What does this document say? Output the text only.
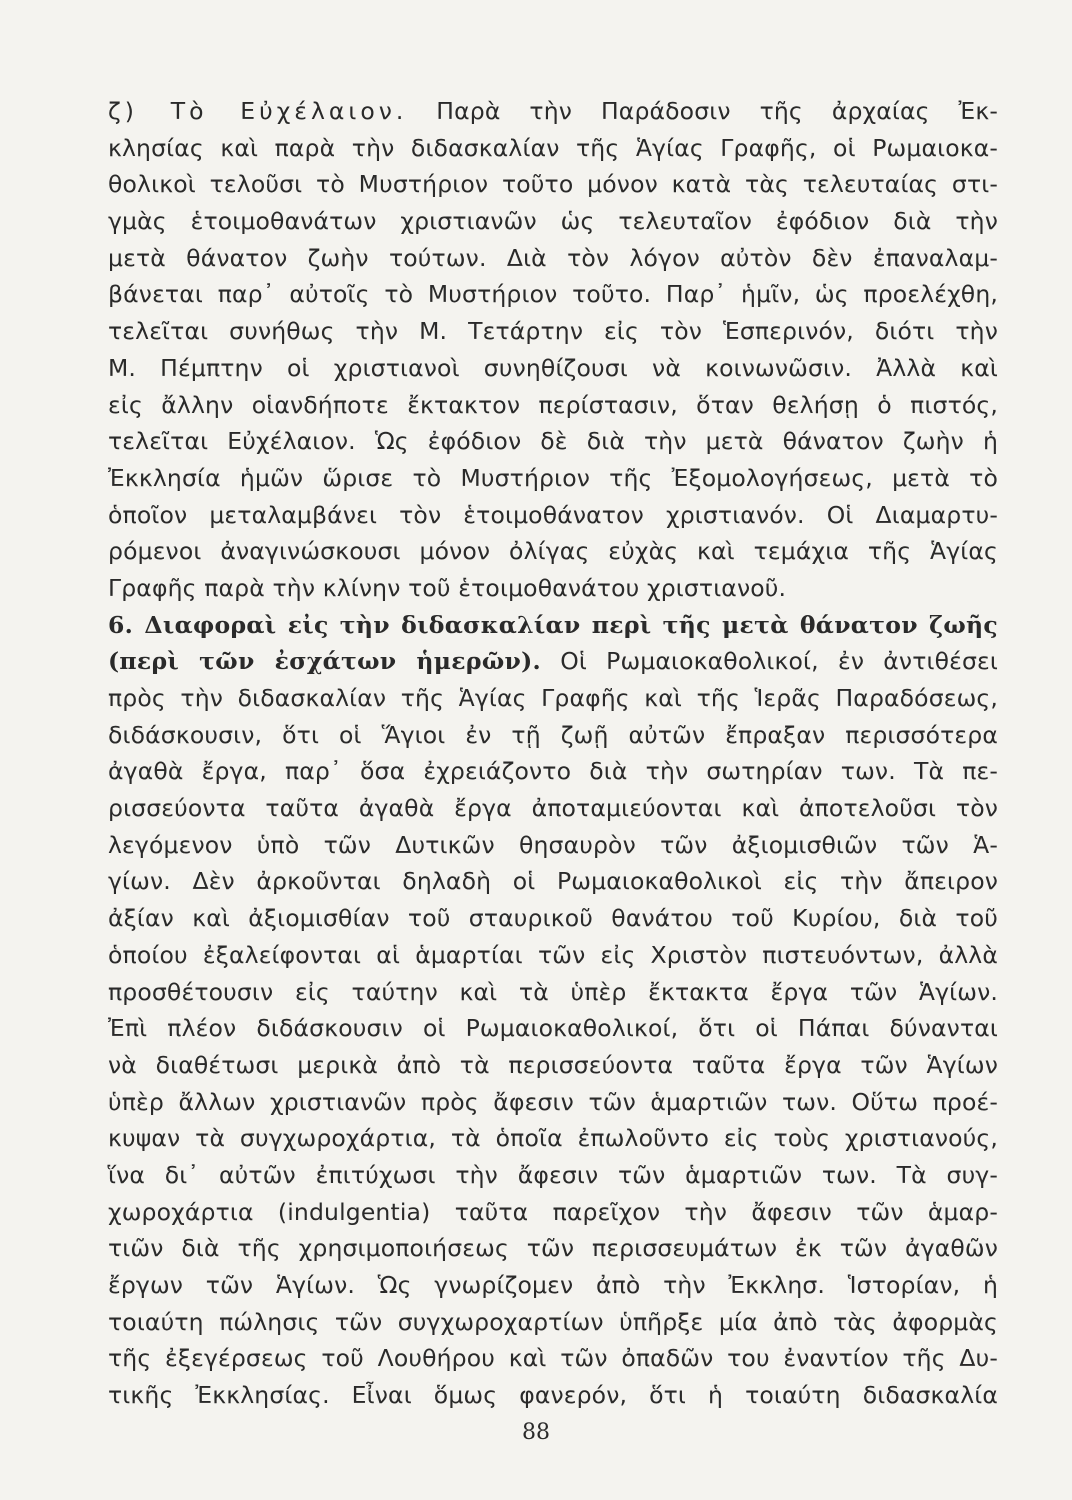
ζ) Τὸ Εὐχέλαιον. Παρὰ τὴν Παράδοσιν τῆς ἀρχαίας Ἐκ-
κλησίας καὶ παρὰ τὴν διδασκαλίαν τῆς Ἁγίας Γραφῆς, οἱ Ρωμαιοκα-
θολικοὶ τελοῦσι τὸ Μυστήριον τοῦτο μόνον κατὰ τὰς τελευταίας στι-
γμὰς ἑτοιμοθανάτων χριστιανῶν ὡς τελευταῖον ἐφόδιον διὰ τὴν
μετὰ θάνατον ζωὴν τούτων. Διὰ τὸν λόγον αὐτὸν δὲν ἐπαναλαμ-
βάνεται παρ᾽ αὐτοῖς τὸ Μυστήριον τοῦτο. Παρ᾽ ἡμῖν, ὡς προελέχθη,
τελεῖται συνήθως τὴν Μ. Τετάρτην εἰς τὸν Ἑσπερινόν, διότι τὴν
Μ. Πέμπτην οἱ χριστιανοὶ συνηθίζουσι νὰ κοινωνῶσιν. Ἀλλὰ καὶ
εἰς ἄλλην οἱανδήποτε ἔκτακτον περίστασιν, ὅταν θελήσῃ ὁ πιστός,
τελεῖται Εὐχέλαιον. Ὡς ἐφόδιον δὲ διὰ τὴν μετὰ θάνατον ζωὴν ἡ
Ἐκκλησία ἡμῶν ὥρισε τὸ Μυστήριον τῆς Ἐξομολογήσεως, μετὰ τὸ
ὁποῖον μεταλαμβάνει τὸν ἑτοιμοθάνατον χριστιανόν. Οἱ Διαμαρτυ-
ρόμενοι ἀναγινώσκουσι μόνον ὀλίγας εὐχὰς καὶ τεμάχια τῆς Ἁγίας
Γραφῆς παρὰ τὴν κλίνην τοῦ ἑτοιμοθανάτου χριστιανοῦ.
6. Διαφοραὶ εἰς τὴν διδασκαλίαν περὶ τῆς μετὰ θάνατον ζωῆς
(περὶ τῶν ἐσχάτων ἡμερῶν). Οἱ Ρωμαιοκαθολικοί, ἐν ἀντιθέσει
πρὸς τὴν διδασκαλίαν τῆς Ἁγίας Γραφῆς καὶ τῆς Ἱερᾶς Παραδόσεως,
διδάσκουσιν, ὅτι οἱ Ἅγιοι ἐν τῇ ζωῇ αὐτῶν ἔπραξαν περισσότερα
ἀγαθὰ ἔργα, παρ᾽ ὅσα ἐχρειάζοντο διὰ τὴν σωτηρίαν των. Τὰ πε-
ρισσεύοντα ταῦτα ἀγαθὰ ἔργα ἀποταμιεύονται καὶ ἀποτελοῦσι τὸν
λεγόμενον ὑπὸ τῶν Δυτικῶν θησαυρὸν τῶν ἀξιομισθιῶν τῶν Ἁ-
γίων. Δὲν ἀρκοῦνται δηλαδὴ οἱ Ρωμαιοκαθολικοὶ εἰς τὴν ἄπειρον
ἀξίαν καὶ ἀξιομισθίαν τοῦ σταυρικοῦ θανάτου τοῦ Κυρίου, διὰ τοῦ
ὁποίου ἐξαλείφονται αἱ ἁμαρτίαι τῶν εἰς Χριστὸν πιστευόντων, ἀλλὰ
προσθέτουσιν εἰς ταύτην καὶ τὰ ὑπὲρ ἔκτακτα ἔργα τῶν Ἁγίων.
Ἐπὶ πλέον διδάσκουσιν οἱ Ρωμαιοκαθολικοί, ὅτι οἱ Πάπαι δύνανται
νὰ διαθέτωσι μερικὰ ἀπὸ τὰ περισσεύοντα ταῦτα ἔργα τῶν Ἁγίων
ὑπὲρ ἄλλων χριστιανῶν πρὸς ἄφεσιν τῶν ἁμαρτιῶν των. Οὕτω προέ-
κυψαν τὰ συγχωροχάρτια, τὰ ὁποῖα ἐπωλοῦντο εἰς τοὺς χριστιανούς,
ἵνα δι᾽ αὐτῶν ἐπιτύχωσι τὴν ἄφεσιν τῶν ἁμαρτιῶν των. Τὰ συγ-
χωροχάρτια (indulgentia) ταῦτα παρεῖχον τὴν ἄφεσιν τῶν ἁμαρ-
τιῶν διὰ τῆς χρησιμοποιήσεως τῶν περισσευμάτων ἐκ τῶν ἀγαθῶν
ἔργων τῶν Ἁγίων. Ὡς γνωρίζομεν ἀπὸ τὴν Ἐκκλησ. Ἱστορίαν, ἡ
τοιαύτη πώλησις τῶν συγχωροχαρτίων ὑπῆρξε μία ἀπὸ τὰς ἀφορμὰς
τῆς ἐξεγέρσεως τοῦ Λουθήρου καὶ τῶν ὀπαδῶν του ἐναντίον τῆς Δυ-
τικῆς Ἐκκλησίας. Εἶναι ὅμως φανερόν, ὅτι ἡ τοιαύτη διδασκαλία
88
